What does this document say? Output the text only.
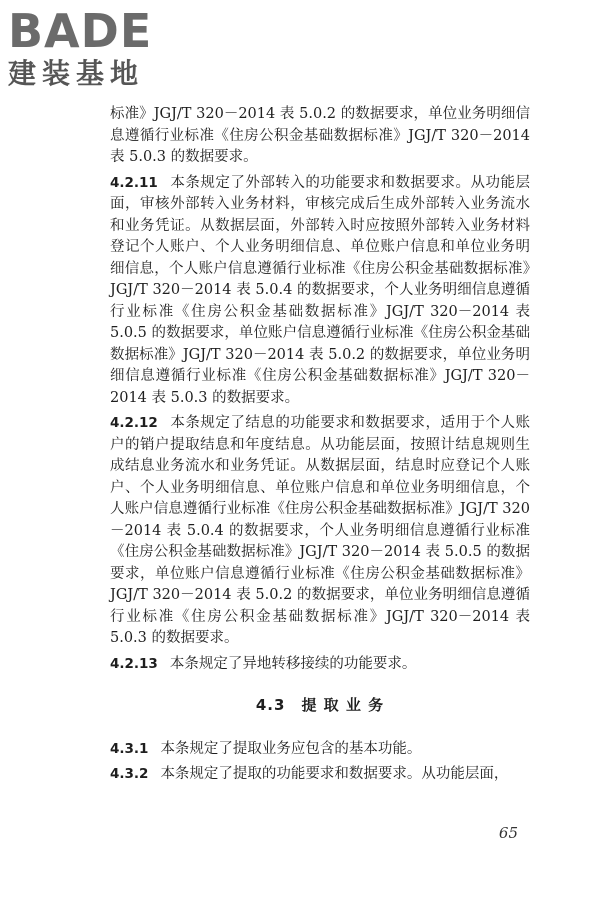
BADE
建装基地

标准》JGJ/T 320－2014 表 5.0.2 的数据要求，单位业务明细信息遵循行业标准《住房公积金基础数据标准》JGJ/T 320－2014 表 5.0.3 的数据要求。

4.2.11 本条规定了外部转入的功能要求和数据要求。从功能层面，审核外部转入业务材料，审核完成后生成外部转入业务流水和业务凭证。从数据层面，外部转入时应按照外部转入业务材料登记个人账户、个人业务明细信息、单位账户信息和单位业务明细信息，个人账户信息遵循行业标准《住房公积金基础数据标准》JGJ/T 320－2014 表 5.0.4 的数据要求，个人业务明细信息遵循行业标准《住房公积金基础数据标准》JGJ/T 320－2014 表 5.0.5 的数据要求，单位账户信息遵循行业标准《住房公积金基础数据标准》JGJ/T 320－2014 表 5.0.2 的数据要求，单位业务明细信息遵循行业标准《住房公积金基础数据标准》JGJ/T 320－2014 表 5.0.3 的数据要求。

4.2.12 本条规定了结息的功能要求和数据要求，适用于个人账户的销户提取结息和年度结息。从功能层面，按照计结息规则生成结息业务流水和业务凭证。从数据层面，结息时应登记个人账户、个人业务明细信息、单位账户信息和单位业务明细信息，个人账户信息遵循行业标准《住房公积金基础数据标准》JGJ/T 320－2014 表 5.0.4 的数据要求，个人业务明细信息遵循行业标准《住房公积金基础数据标准》JGJ/T 320－2014 表 5.0.5 的数据要求，单位账户信息遵循行业标准《住房公积金基础数据标准》JGJ/T 320－2014 表 5.0.2 的数据要求，单位业务明细信息遵循行业标准《住房公积金基础数据标准》JGJ/T 320－2014 表 5.0.3 的数据要求。

4.2.13 本条规定了异地转移接续的功能要求。

4.3　提 取 业 务

4.3.1 本条规定了提取业务应包含的基本功能。

4.3.2 本条规定了提取的功能要求和数据要求。从功能层面，

65
